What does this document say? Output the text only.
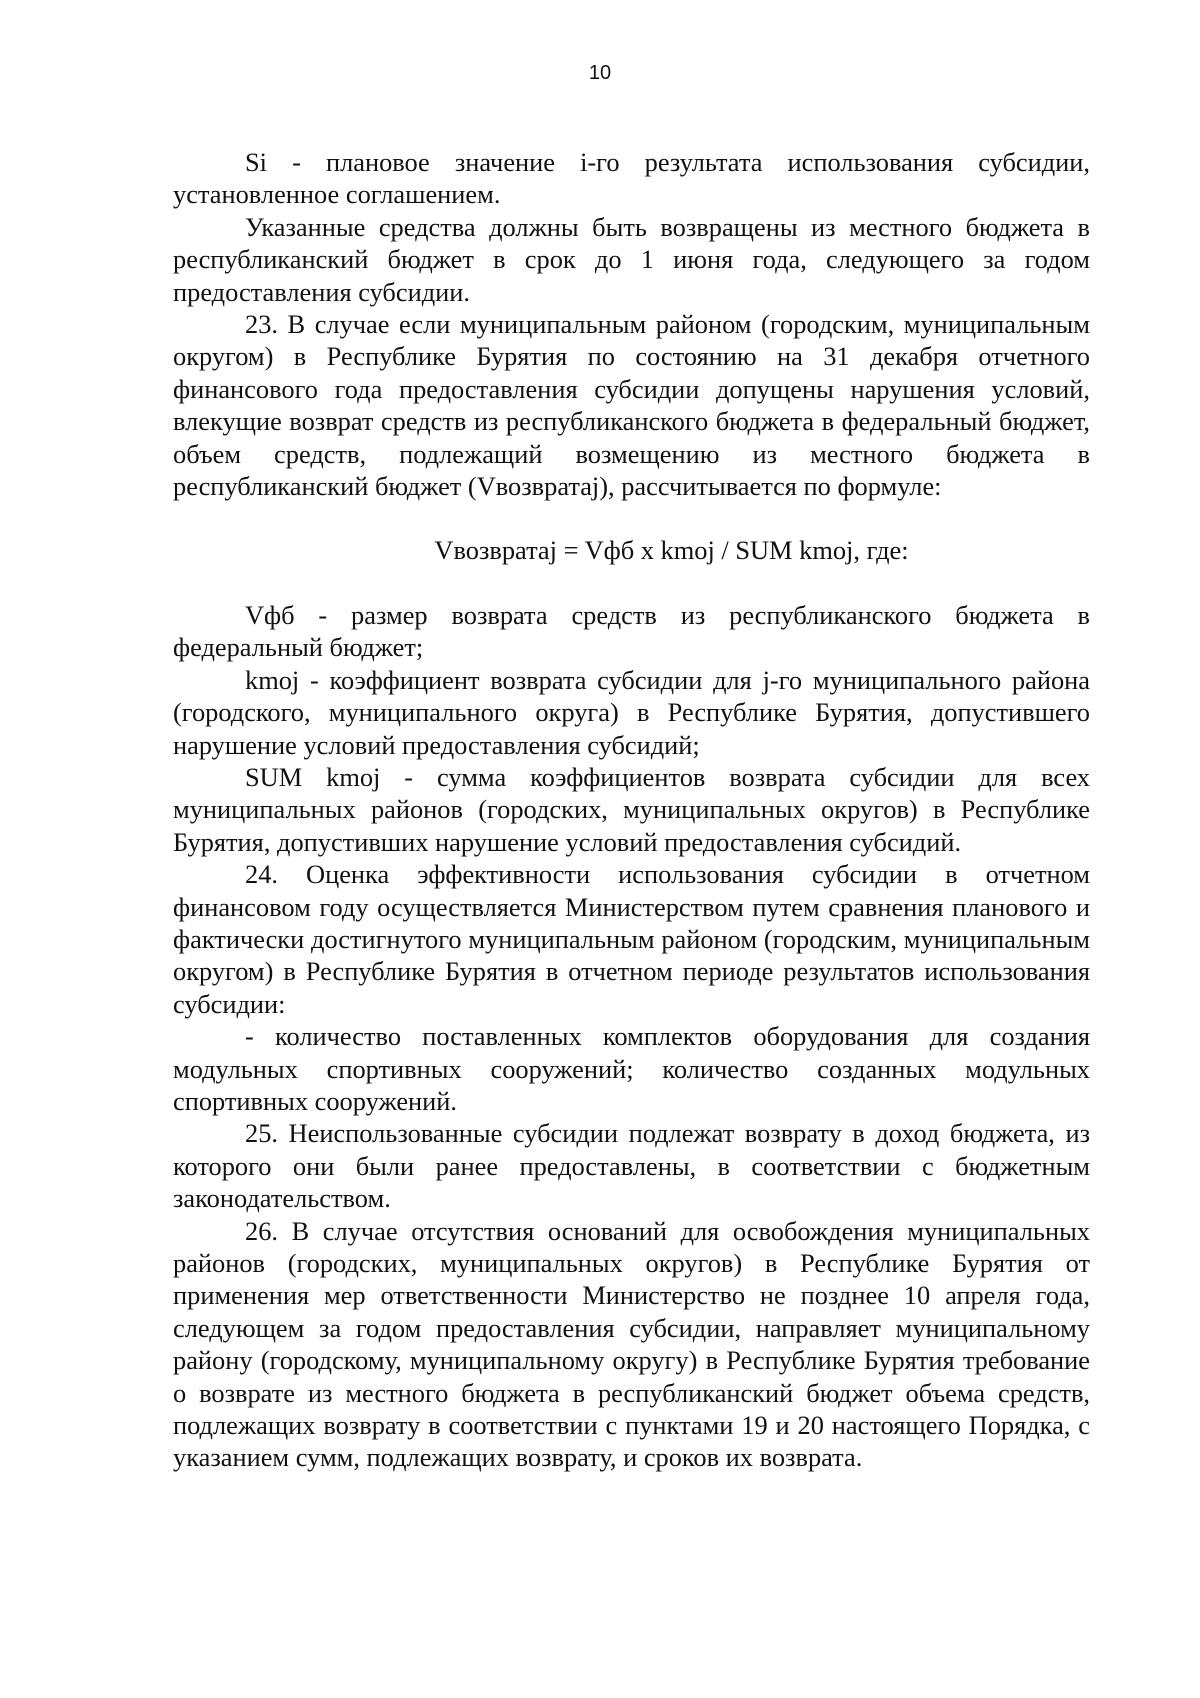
10

Si - плановое значение i-го результата использования субсидии, установленное соглашением.

Указанные средства должны быть возвращены из местного бюджета в республиканский бюджет в срок до 1 июня года, следующего за годом предоставления субсидии.

23. В случае если муниципальным районом (городским, муниципальным округом) в Республике Бурятия по состоянию на 31 декабря отчетного финансового года предоставления субсидии допущены нарушения условий, влекущие возврат средств из республиканского бюджета в федеральный бюджет, объем средств, подлежащий возмещению из местного бюджета в республиканский бюджет (Vвозвратаj), рассчитывается по формуле:

Vвозвратаj = Vфб x kmoj / SUM kmoj, где:

Vфб - размер возврата средств из республиканского бюджета в федеральный бюджет;

kmoj - коэффициент возврата субсидии для j-го муниципального района (городского, муниципального округа) в Республике Бурятия, допустившего нарушение условий предоставления субсидий;

SUM kmoj - сумма коэффициентов возврата субсидии для всех муниципальных районов (городских, муниципальных округов) в Республике Бурятия, допустивших нарушение условий предоставления субсидий.

24. Оценка эффективности использования субсидии в отчетном финансовом году осуществляется Министерством путем сравнения планового и фактически достигнутого муниципальным районом (городским, муниципальным округом) в Республике Бурятия в отчетном периоде результатов использования субсидии:

- количество поставленных комплектов оборудования для создания модульных спортивных сооружений; количество созданных модульных спортивных сооружений.

25. Неиспользованные субсидии подлежат возврату в доход бюджета, из которого они были ранее предоставлены, в соответствии с бюджетным законодательством.

26. В случае отсутствия оснований для освобождения муниципальных районов (городских, муниципальных округов) в Республике Бурятия от применения мер ответственности Министерство не позднее 10 апреля года, следующем за годом предоставления субсидии, направляет муниципальному району (городскому, муниципальному округу) в Республике Бурятия требование о возврате из местного бюджета в республиканский бюджет объема средств, подлежащих возврату в соответствии с пунктами 19 и 20 настоящего Порядка, с указанием сумм, подлежащих возврату, и сроков их возврата.
